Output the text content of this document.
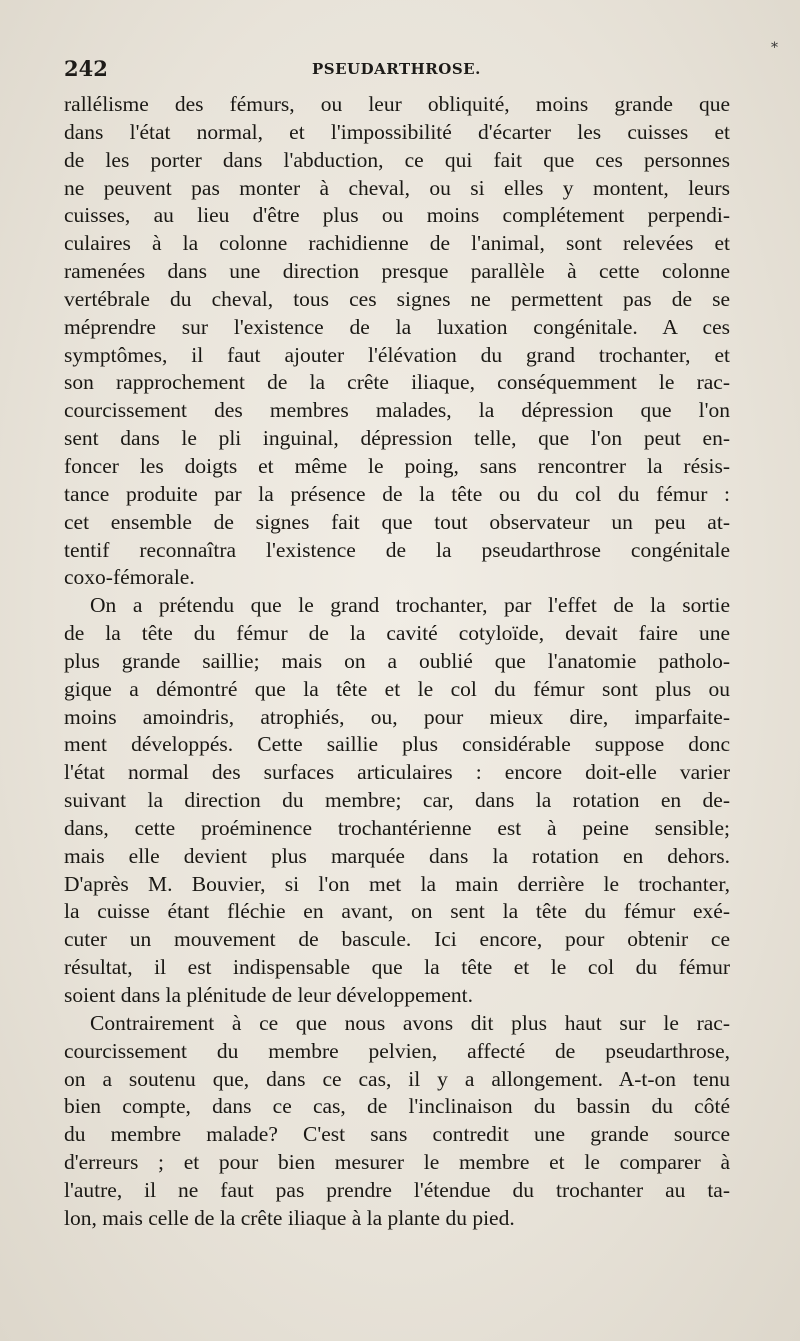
242	PSEUDARTHROSE.
*
rallélisme des fémurs, ou leur obliquité, moins grande que
dans l'état normal, et l'impossibilité d'écarter les cuisses et
de les porter dans l'abduction, ce qui fait que ces personnes
ne peuvent pas monter à cheval, ou si elles y montent, leurs
cuisses, au lieu d'être plus ou moins complétement perpendi-
culaires à la colonne rachidienne de l'animal, sont relevées et
ramenées dans une direction presque parallèle à cette colonne
vertébrale du cheval, tous ces signes ne permettent pas de se
méprendre sur l'existence de la luxation congénitale. A ces
symptômes, il faut ajouter l'élévation du grand trochanter, et
son rapprochement de la crête iliaque, conséquemment le rac-
courcissement des membres malades, la dépression que l'on
sent dans le pli inguinal, dépression telle, que l'on peut en-
foncer les doigts et même le poing, sans rencontrer la résis-
tance produite par la présence de la tête ou du col du fémur :
cet ensemble de signes fait que tout observateur un peu at-
tentif reconnaîtra l'existence de la pseudarthrose congénitale
coxo-fémorale.
On a prétendu que le grand trochanter, par l'effet de la sortie
de la tête du fémur de la cavité cotyloïde, devait faire une
plus grande saillie; mais on a oublié que l'anatomie patholo-
gique a démontré que la tête et le col du fémur sont plus ou
moins amoindris, atrophiés, ou, pour mieux dire, imparfaite-
ment développés. Cette saillie plus considérable suppose donc
l'état normal des surfaces articulaires : encore doit-elle varier
suivant la direction du membre; car, dans la rotation en de-
dans, cette proéminence trochantérienne est à peine sensible;
mais elle devient plus marquée dans la rotation en dehors.
D'après M. Bouvier, si l'on met la main derrière le trochanter,
la cuisse étant fléchie en avant, on sent la tête du fémur exé-
cuter un mouvement de bascule. Ici encore, pour obtenir ce
résultat, il est indispensable que la tête et le col du fémur
soient dans la plénitude de leur développement.
Contrairement à ce que nous avons dit plus haut sur le rac-
courcissement du membre pelvien, affecté de pseudarthrose,
on a soutenu que, dans ce cas, il y a allongement. A-t-on tenu
bien compte, dans ce cas, de l'inclinaison du bassin du côté
du membre malade? C'est sans contredit une grande source
d'erreurs ; et pour bien mesurer le membre et le comparer à
l'autre, il ne faut pas prendre l'étendue du trochanter au ta-
lon, mais celle de la crête iliaque à la plante du pied.
